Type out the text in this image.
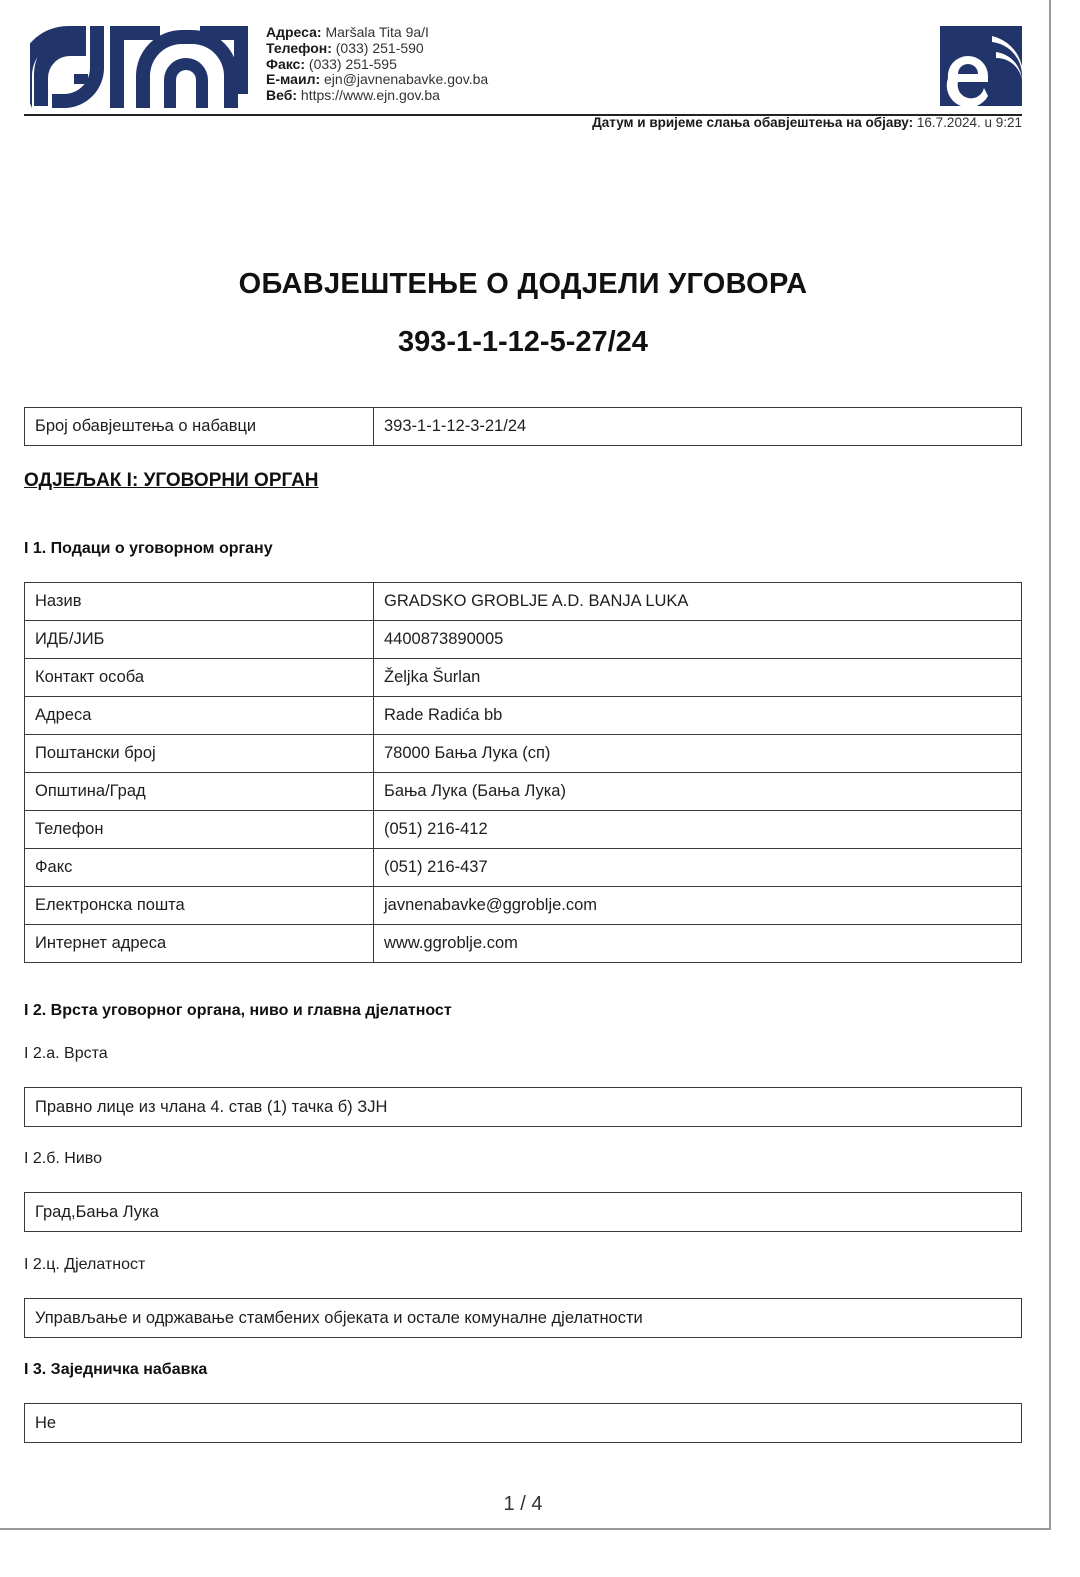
Адреса: Maršala Tita 9a/I
Телефон: (033) 251-590
Факс: (033) 251-595
Е-маил: ejn@javnenabavke.gov.ba
Веб: https://www.ejn.gov.ba
Датум и вријеме слања обавјештења на објаву: 16.7.2024. u 9:21
ОБАВЈЕШТЕЊЕ О ДОДЈЕЛИ УГОВОРА
393-1-1-12-5-27/24
Број обавјештења о набавци	393-1-1-12-3-21/24
ОДЈЕЉАК I: УГОВОРНИ ОРГАН
I 1. Подаци о уговорном органу
Назив	GRADSKO GROBLJE A.D. BANJA LUKA
ИДБ/ЈИБ	4400873890005
Контакт особа	Željka Šurlan
Адреса	Rade Radića bb
Поштански број	78000 Бања Лука (сп)
Општина/Град	Бања Лука (Бања Лука)
Телефон	(051) 216-412
Факс	(051) 216-437
Електронска пошта	javnenabavke@ggroblje.com
Интернет адреса	www.ggroblje.com
I 2. Врста уговорног органа, ниво и главна дјелатност
I 2.a. Врста
Правно лице из члана 4. став (1) тачка б) ЗЈН
I 2.б. Ниво
Град,Бања Лука
I 2.ц. Дјелатност
Управљање и одржавање стамбених објеката и остале комуналне дјелатности
I 3. Заједничка набавка
Не
1 / 4
